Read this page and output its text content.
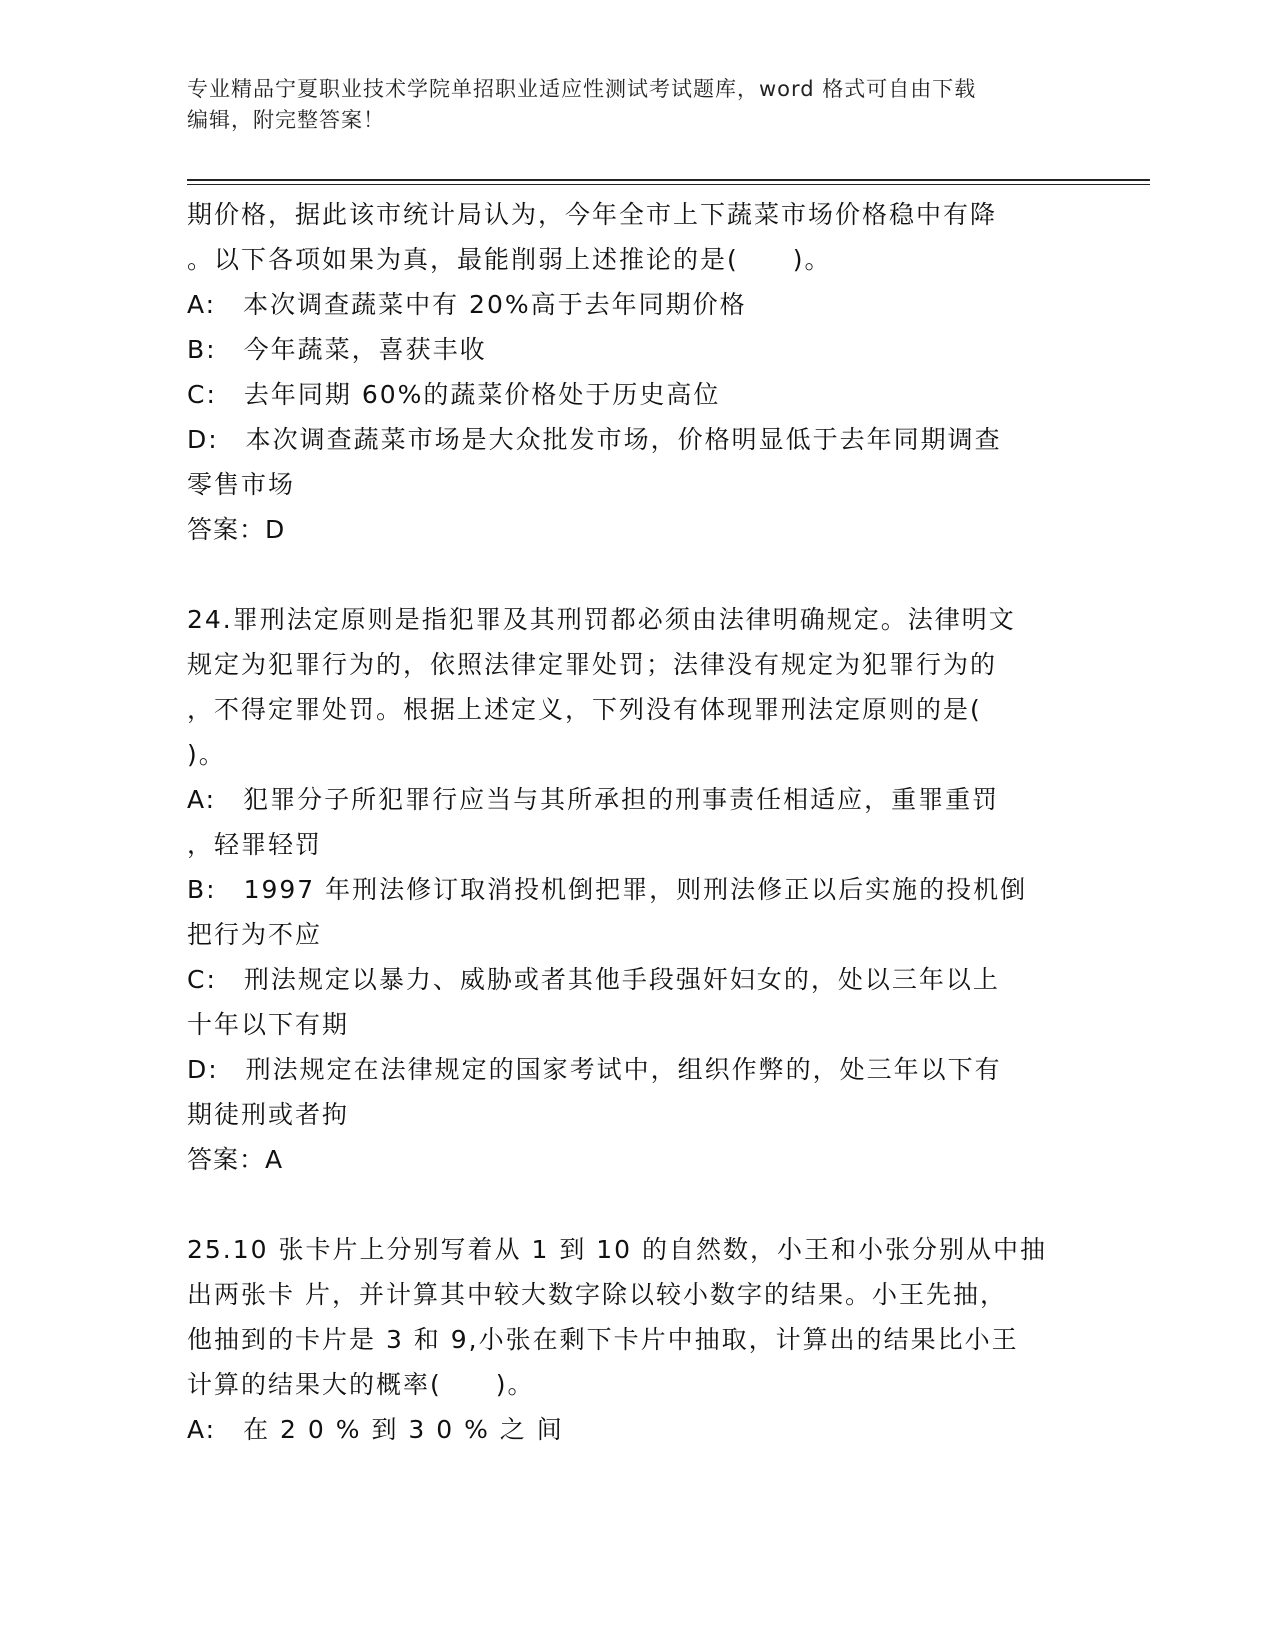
专业精品宁夏职业技术学院单招职业适应性测试考试题库，word 格式可自由下载
编辑，附完整答案！
期价格，据此该市统计局认为，今年全市上下蔬菜市场价格稳中有降
。以下各项如果为真，最能削弱上述推论的是(　　)。
A:　本次调查蔬菜中有 20%高于去年同期价格
B:　今年蔬菜，喜获丰收
C:　去年同期 60%的蔬菜价格处于历史高位
D:　本次调查蔬菜市场是大众批发市场，价格明显低于去年同期调查
零售市场
答案：D
24.罪刑法定原则是指犯罪及其刑罚都必须由法律明确规定。法律明文
规定为犯罪行为的，依照法律定罪处罚；法律没有规定为犯罪行为的
，不得定罪处罚。根据上述定义，下列没有体现罪刑法定原则的是(
)。
A:　犯罪分子所犯罪行应当与其所承担的刑事责任相适应，重罪重罚
，轻罪轻罚
B:　1997 年刑法修订取消投机倒把罪，则刑法修正以后实施的投机倒
把行为不应
C:　刑法规定以暴力、威胁或者其他手段强奸妇女的，处以三年以上
十年以下有期
D:　刑法规定在法律规定的国家考试中，组织作弊的，处三年以下有
期徒刑或者拘
答案：A
25.10 张卡片上分别写着从 1 到 10 的自然数，小王和小张分别从中抽
出两张卡 片，并计算其中较大数字除以较小数字的结果。小王先抽，
他抽到的卡片是 3 和 9,小张在剩下卡片中抽取，计算出的结果比小王
计算的结果大的概率(　　)。
A:　在 2 0 % 到 3 0 % 之 间
